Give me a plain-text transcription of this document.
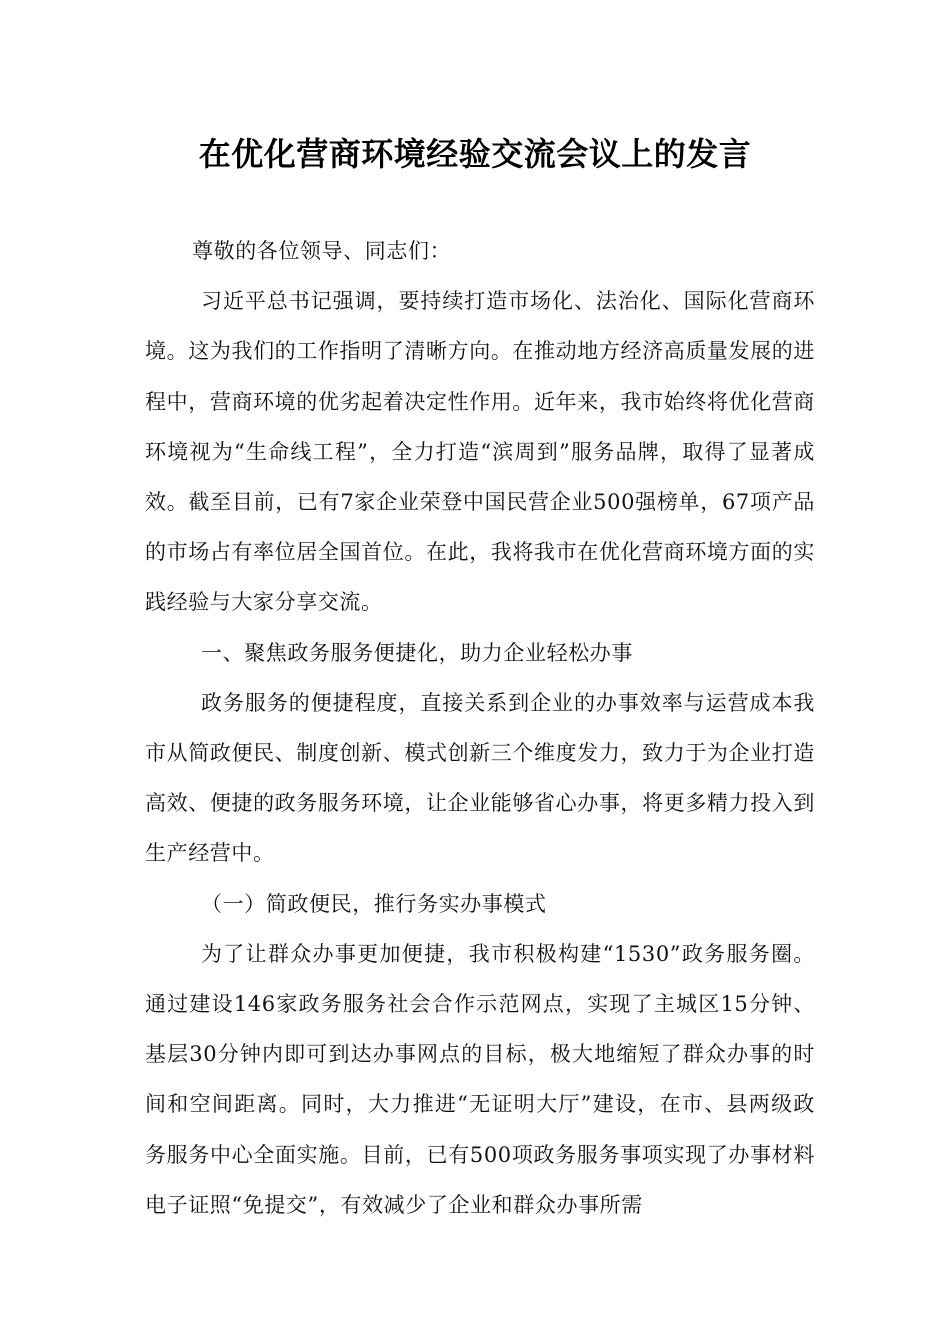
在优化营商环境经验交流会议上的发言

尊敬的各位领导、同志们：

习近平总书记强调，要持续打造市场化、法治化、国际化营商环境。这为我们的工作指明了清晰方向。在推动地方经济高质量发展的进程中，营商环境的优劣起着决定性作用。近年来，我市始终将优化营商环境视为“生命线工程”，全力打造“滨周到”服务品牌，取得了显著成效。截至目前，已有7家企业荣登中国民营企业500强榜单，67项产品的市场占有率位居全国首位。在此，我将我市在优化营商环境方面的实践经验与大家分享交流。

一、聚焦政务服务便捷化，助力企业轻松办事

政务服务的便捷程度，直接关系到企业的办事效率与运营成本我市从简政便民、制度创新、模式创新三个维度发力，致力于为企业打造高效、便捷的政务服务环境，让企业能够省心办事，将更多精力投入到生产经营中。

（一）简政便民，推行务实办事模式

为了让群众办事更加便捷，我市积极构建“1530”政务服务圈。通过建设146家政务服务社会合作示范网点，实现了主城区15分钟、基层30分钟内即可到达办事网点的目标，极大地缩短了群众办事的时间和空间距离。同时，大力推进“无证明大厅”建设，在市、县两级政务服务中心全面实施。目前，已有500项政务服务事项实现了办事材料电子证照“免提交”，有效减少了企业和群众办事所需
